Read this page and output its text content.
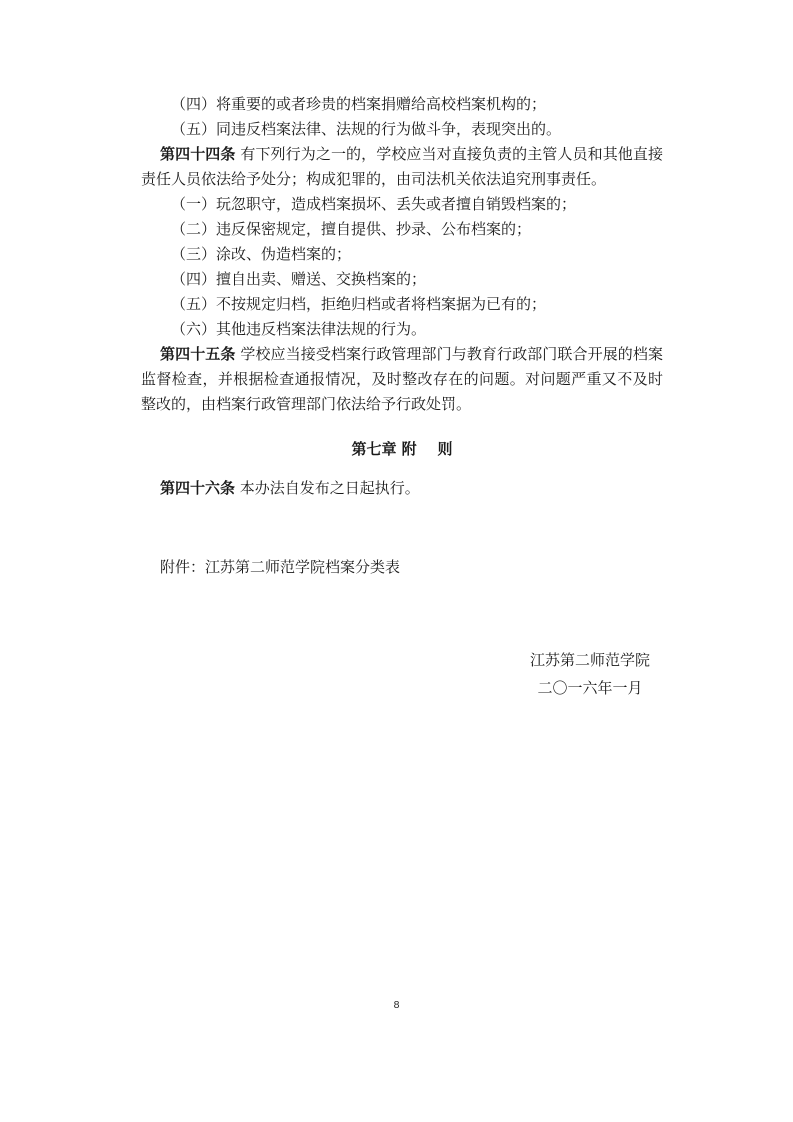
（四）将重要的或者珍贵的档案捐赠给高校档案机构的；

（五）同违反档案法律、法规的行为做斗争，表现突出的。

第四十四条 有下列行为之一的，学校应当对直接负责的主管人员和其他直接责任人员依法给予处分；构成犯罪的，由司法机关依法追究刑事责任。

（一）玩忽职守，造成档案损坏、丢失或者擅自销毁档案的；

（二）违反保密规定，擅自提供、抄录、公布档案的；

（三）涂改、伪造档案的；

（四）擅自出卖、赠送、交换档案的；

（五）不按规定归档，拒绝归档或者将档案据为已有的；

（六）其他违反档案法律法规的行为。

第四十五条 学校应当接受档案行政管理部门与教育行政部门联合开展的档案监督检查，并根据检查通报情况，及时整改存在的问题。对问题严重又不及时整改的，由档案行政管理部门依法给予行政处罚。

第七章 附    则

第四十六条 本办法自发布之日起执行。

附件：江苏第二师范学院档案分类表

江苏第二师范学院

二〇一六年一月

8
